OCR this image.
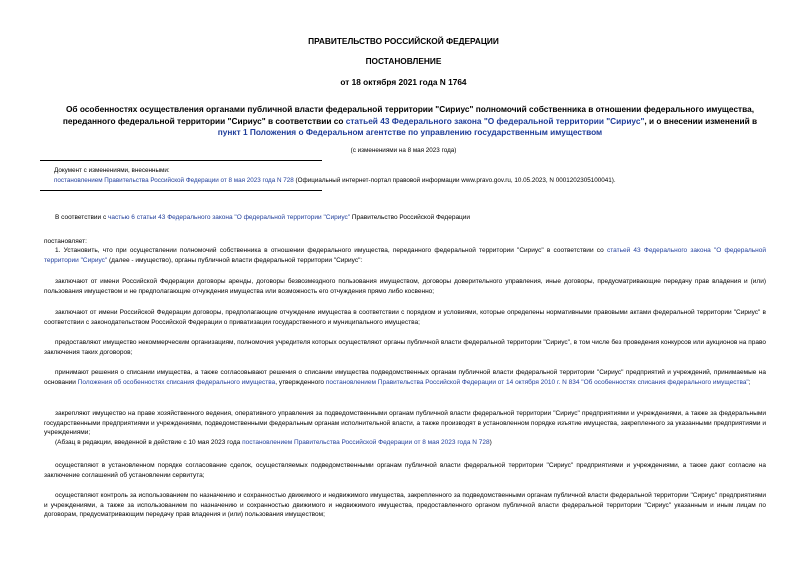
ПРАВИТЕЛЬСТВО РОССИЙСКОЙ ФЕДЕРАЦИИ
ПОСТАНОВЛЕНИЕ
от 18 октября 2021 года N 1764
Об особенностях осуществления органами публичной власти федеральной территории "Сириус" полномочий собственника в отношении федерального имущества, переданного федеральной территории "Сириус" в соответствии со статьей 43 Федерального закона "О федеральной территории "Сириус", и о внесении изменений в пункт 1 Положения о Федеральном агентстве по управлению государственным имуществом
(с изменениями на 8 мая 2023 года)
Документ с изменениями, внесенными:
постановлением Правительства Российской Федерации от 8 мая 2023 года N 728 (Официальный интернет-портал правовой информации www.pravo.gov.ru, 10.05.2023, N 0001202305100041).
В соответствии с частью 6 статьи 43 Федерального закона "О федеральной территории "Сириус" Правительство Российской Федерации
постановляет:
1. Установить, что при осуществлении полномочий собственника в отношении федерального имущества, переданного федеральной территории "Сириус" в соответствии со статьей 43 Федерального закона "О федеральной территории "Сириус" (далее - имущество), органы публичной власти федеральной территории "Сириус":
заключают от имени Российской Федерации договоры аренды, договоры безвозмездного пользования имуществом, договоры доверительного управления, иные договоры, предусматривающие передачу прав владения и (или) пользования имуществом и не предполагающие отчуждения имущества или возможность его отчуждения прямо либо косвенно;
заключают от имени Российской Федерации договоры, предполагающие отчуждение имущества в соответствии с порядком и условиями, которые определены нормативными правовыми актами федеральной территории "Сириус" в соответствии с законодательством Российской Федерации о приватизации государственного и муниципального имущества;
предоставляют имущество некоммерческим организациям, полномочия учредителя которых осуществляют органы публичной власти федеральной территории "Сириус", в том числе без проведения конкурсов или аукционов на право заключения таких договоров;
принимают решения о списании имущества, а также согласовывают решения о списании имущества подведомственных органам публичной власти федеральной территории "Сириус" предприятий и учреждений, принимаемые на основании Положения об особенностях списания федерального имущества, утвержденного постановлением Правительства Российской Федерации от 14 октября 2010 г. N 834 "Об особенностях списания федерального имущества";
закрепляют имущество на праве хозяйственного ведения, оперативного управления за подведомственными органам публичной власти федеральной территории "Сириус" предприятиями и учреждениями, а также за федеральными государственными предприятиями и учреждениями, подведомственными федеральным органам исполнительной власти, а также производят в установленном порядке изъятие имущества, закрепленного за указанными предприятиями и учреждениями;
(Абзац в редакции, введенной в действие с 10 мая 2023 года постановлением Правительства Российской Федерации от 8 мая 2023 года N 728)
осуществляют в установленном порядке согласование сделок, осуществляемых подведомственными органам публичной власти федеральной территории "Сириус" предприятиями и учреждениями, а также дают согласие на заключение соглашений об установлении сервитута;
осуществляют контроль за использованием по назначению и сохранностью движимого и недвижимого имущества, закрепленного за подведомственными органам публичной власти федеральной территории "Сириус" предприятиями и учреждениями, а также за использованием по назначению и сохранностью движимого и недвижимого имущества, предоставленного органом публичной власти федеральной территории "Сириус" указанным и иным лицам по договорам, предусматривающим передачу прав владения и (или) пользования имуществом;
